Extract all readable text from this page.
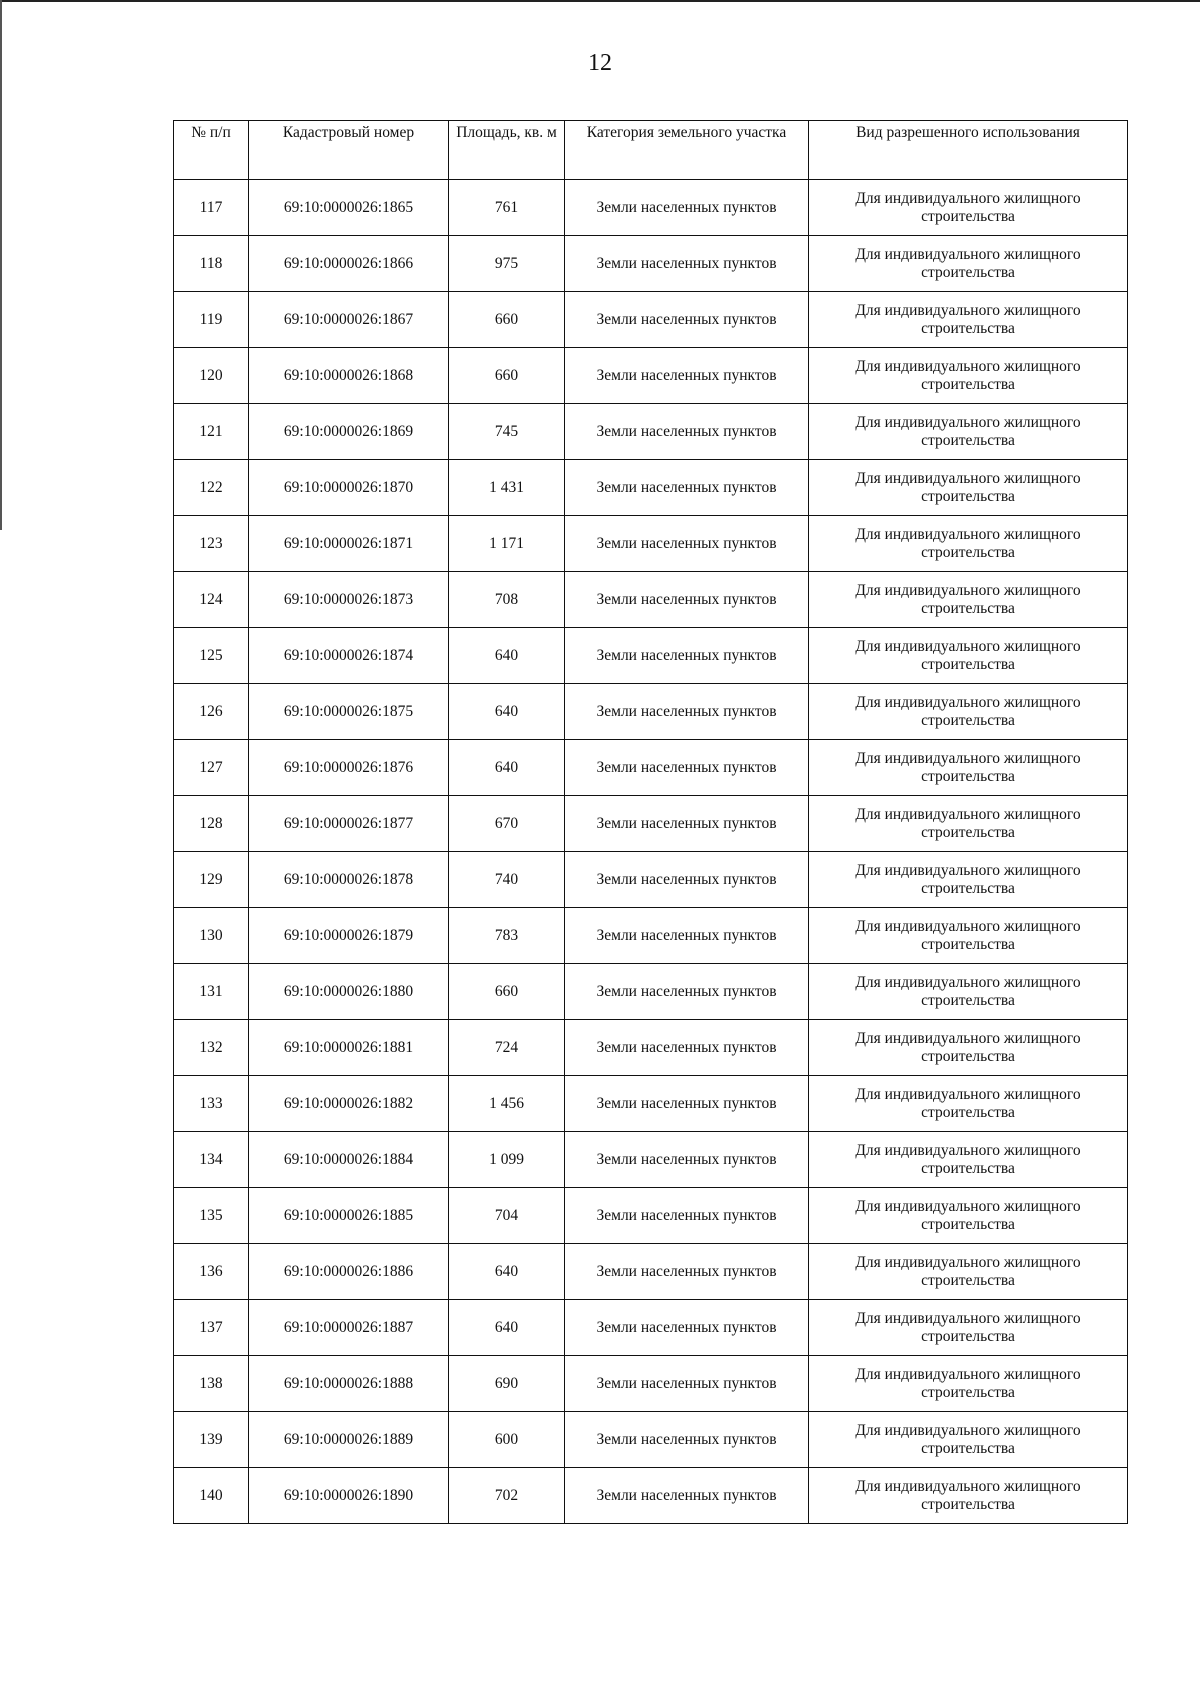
12
№ п/п	Кадастровый номер	Площадь, кв. м	Категория земельного участка	Вид разрешенного использования
117	69:10:0000026:1865	761	Земли населенных пунктов	Для индивидуального жилищного строительства
118	69:10:0000026:1866	975	Земли населенных пунктов	Для индивидуального жилищного строительства
119	69:10:0000026:1867	660	Земли населенных пунктов	Для индивидуального жилищного строительства
120	69:10:0000026:1868	660	Земли населенных пунктов	Для индивидуального жилищного строительства
121	69:10:0000026:1869	745	Земли населенных пунктов	Для индивидуального жилищного строительства
122	69:10:0000026:1870	1 431	Земли населенных пунктов	Для индивидуального жилищного строительства
123	69:10:0000026:1871	1 171	Земли населенных пунктов	Для индивидуального жилищного строительства
124	69:10:0000026:1873	708	Земли населенных пунктов	Для индивидуального жилищного строительства
125	69:10:0000026:1874	640	Земли населенных пунктов	Для индивидуального жилищного строительства
126	69:10:0000026:1875	640	Земли населенных пунктов	Для индивидуального жилищного строительства
127	69:10:0000026:1876	640	Земли населенных пунктов	Для индивидуального жилищного строительства
128	69:10:0000026:1877	670	Земли населенных пунктов	Для индивидуального жилищного строительства
129	69:10:0000026:1878	740	Земли населенных пунктов	Для индивидуального жилищного строительства
130	69:10:0000026:1879	783	Земли населенных пунктов	Для индивидуального жилищного строительства
131	69:10:0000026:1880	660	Земли населенных пунктов	Для индивидуального жилищного строительства
132	69:10:0000026:1881	724	Земли населенных пунктов	Для индивидуального жилищного строительства
133	69:10:0000026:1882	1 456	Земли населенных пунктов	Для индивидуального жилищного строительства
134	69:10:0000026:1884	1 099	Земли населенных пунктов	Для индивидуального жилищного строительства
135	69:10:0000026:1885	704	Земли населенных пунктов	Для индивидуального жилищного строительства
136	69:10:0000026:1886	640	Земли населенных пунктов	Для индивидуального жилищного строительства
137	69:10:0000026:1887	640	Земли населенных пунктов	Для индивидуального жилищного строительства
138	69:10:0000026:1888	690	Земли населенных пунктов	Для индивидуального жилищного строительства
139	69:10:0000026:1889	600	Земли населенных пунктов	Для индивидуального жилищного строительства
140	69:10:0000026:1890	702	Земли населенных пунктов	Для индивидуального жилищного строительства
